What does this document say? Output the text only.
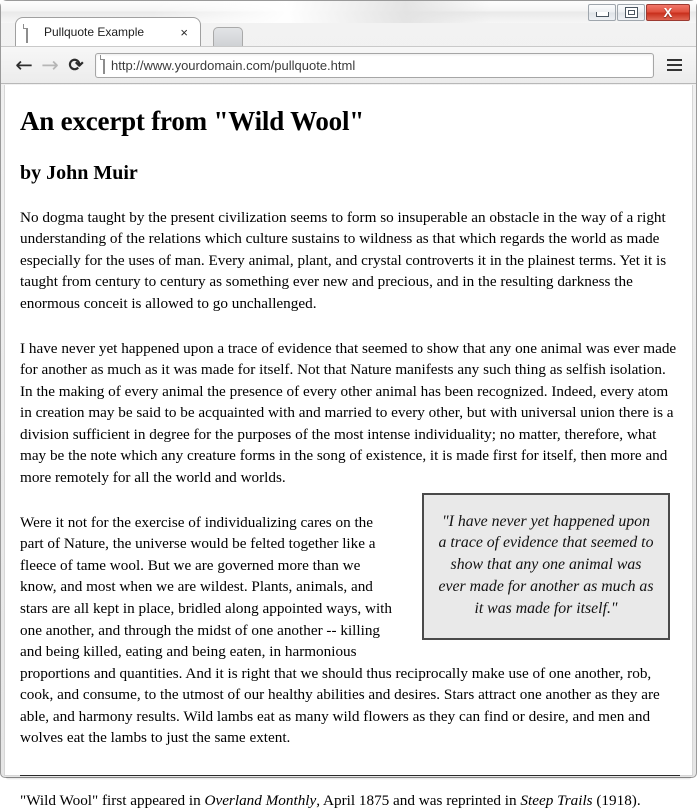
X
Pullquote Example	×
← → ⟳	http://www.yourdomain.com/pullquote.html
An excerpt from "Wild Wool"
by John Muir

No dogma taught by the present civilization seems to form so insuperable an obstacle in the way of a right understanding of the relations which culture sustains to wildness as that which regards the world as made especially for the uses of man. Every animal, plant, and crystal controverts it in the plainest terms. Yet it is taught from century to century as something ever new and precious, and in the resulting darkness the enormous conceit is allowed to go unchallenged.

I have never yet happened upon a trace of evidence that seemed to show that any one animal was ever made for another as much as it was made for itself. Not that Nature manifests any such thing as selfish isolation. In the making of every animal the presence of every other animal has been recognized. Indeed, every atom in creation may be said to be acquainted with and married to every other, but with universal union there is a division sufficient in degree for the purposes of the most intense individuality; no matter, therefore, what may be the note which any creature forms in the song of existence, it is made first for itself, then more and more remotely for all the world and worlds.

"I have never yet happened upon a trace of evidence that seemed to show that any one animal was ever made for another as much as it was made for itself."

Were it not for the exercise of individualizing cares on the part of Nature, the universe would be felted together like a fleece of tame wool. But we are governed more than we know, and most when we are wildest. Plants, animals, and stars are all kept in place, bridled along appointed ways, with one another, and through the midst of one another -- killing and being killed, eating and being eaten, in harmonious proportions and quantities. And it is right that we should thus reciprocally make use of one another, rob, cook, and consume, to the utmost of our healthy abilities and desires. Stars attract one another as they are able, and harmony results. Wild lambs eat as many wild flowers as they can find or desire, and men and wolves eat the lambs to just the same extent.

"Wild Wool" first appeared in Overland Monthly, April 1875 and was reprinted in Steep Trails (1918).
